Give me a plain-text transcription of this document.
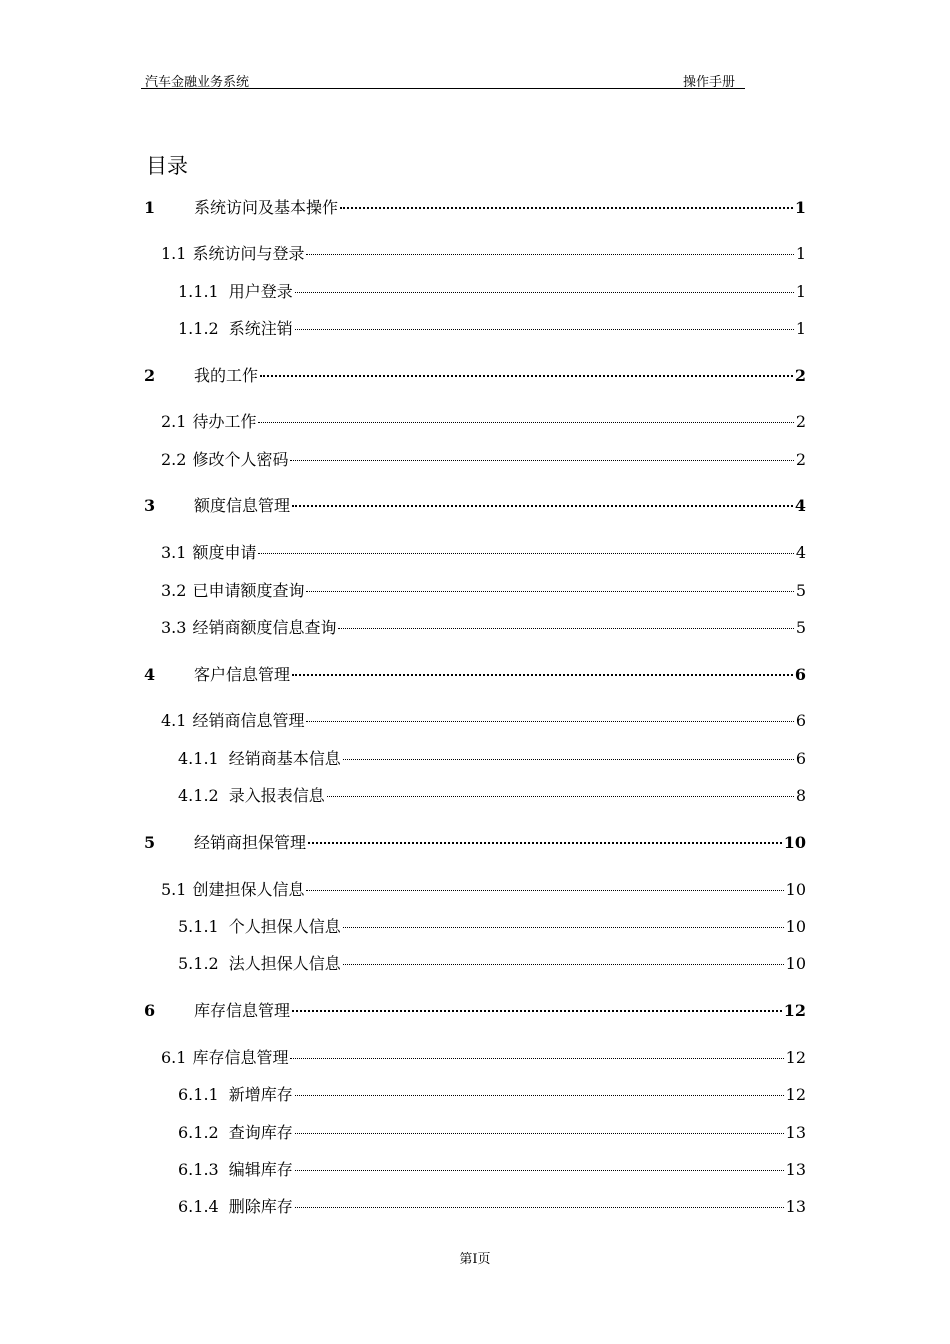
汽车金融业务系统	操作手册
目录
1	系统访问及基本操作	1
1.1 系统访问与登录	1
1.1.1 用户登录	1
1.1.2 系统注销	1
2	我的工作	2
2.1 待办工作	2
2.2 修改个人密码	2
3	额度信息管理	4
3.1 额度申请	4
3.2 已申请额度查询	5
3.3 经销商额度信息查询	5
4	客户信息管理	6
4.1 经销商信息管理	6
4.1.1 经销商基本信息	6
4.1.2 录入报表信息	8
5	经销商担保管理	10
5.1 创建担保人信息	10
5.1.1 个人担保人信息	10
5.1.2 法人担保人信息	10
6	库存信息管理	12
6.1 库存信息管理	12
6.1.1 新增库存	12
6.1.2 查询库存	13
6.1.3 编辑库存	13
6.1.4 删除库存	13
第I页
